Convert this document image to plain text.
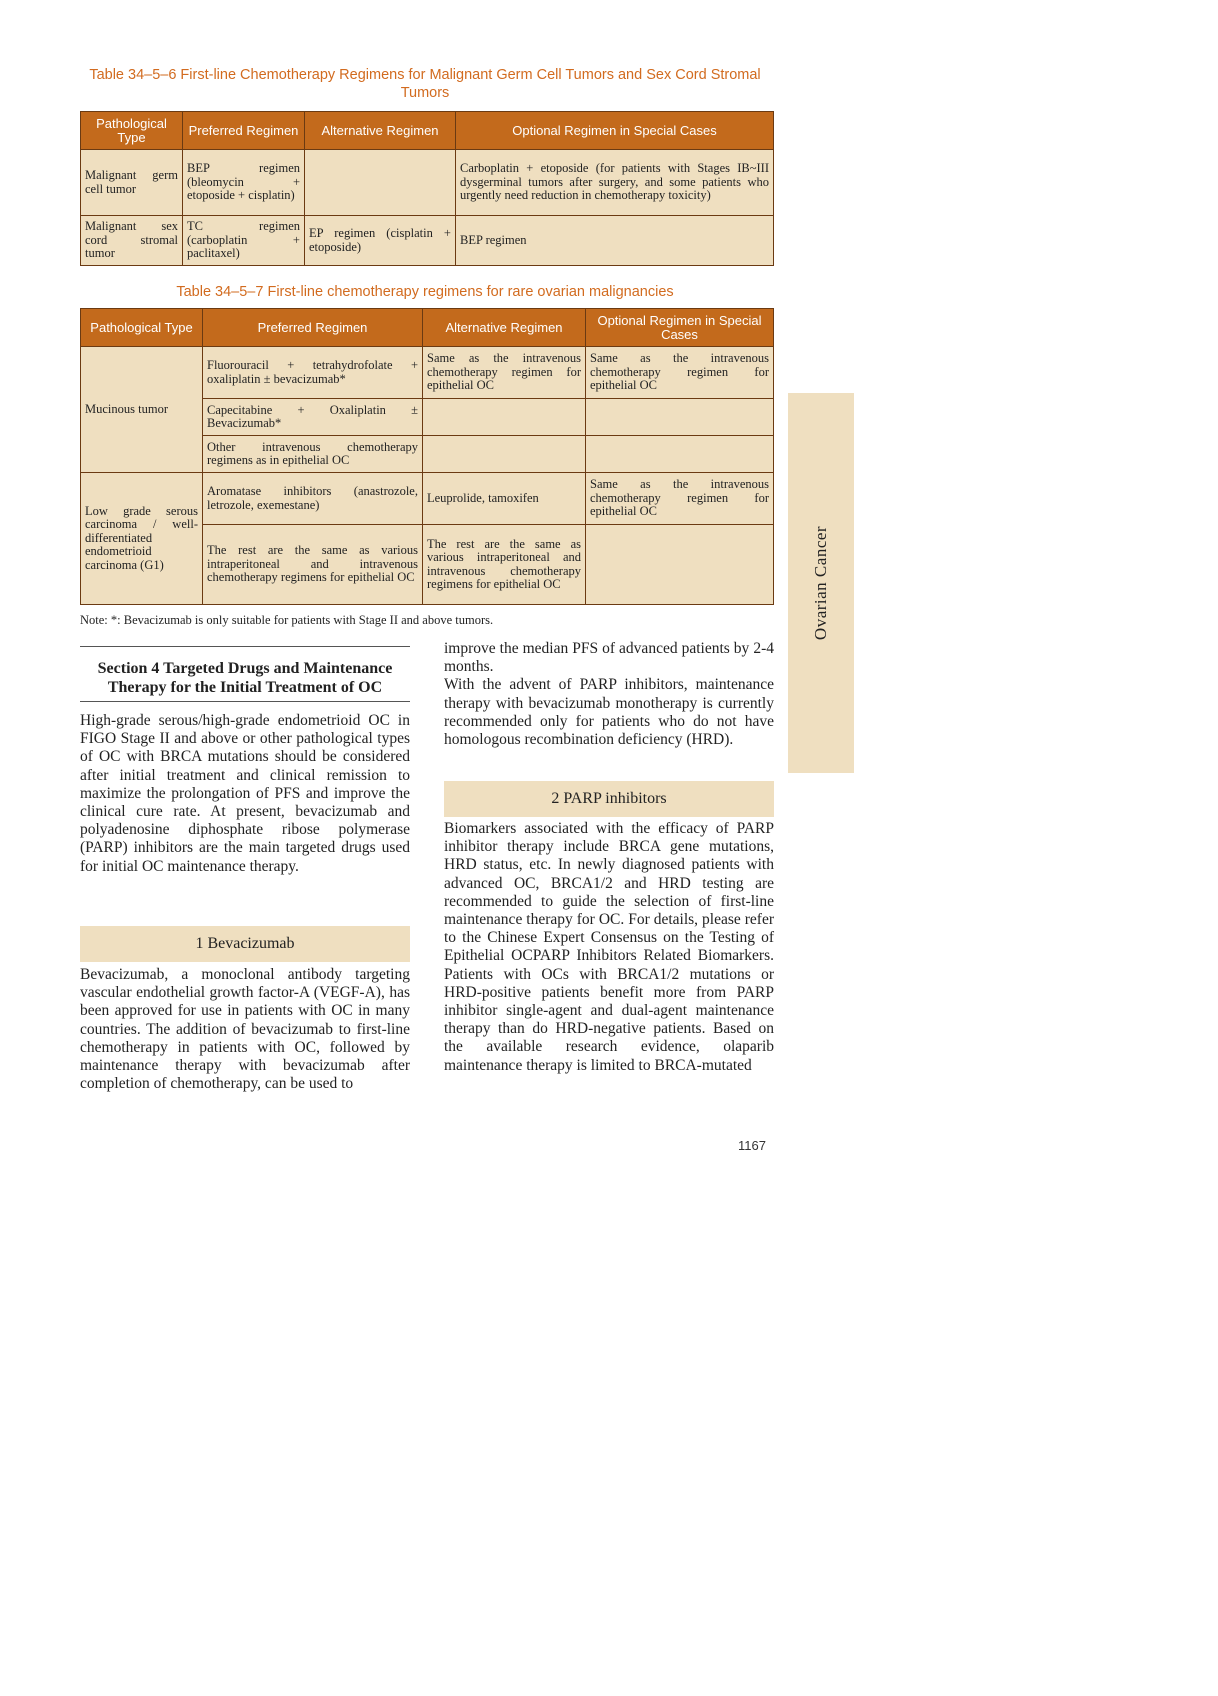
Table 34–5–6 First-line Chemotherapy Regimens for Malignant Germ Cell Tumors and Sex Cord Stromal Tumors
Pathological Type	Preferred Regimen	Alternative Regimen	Optional Regimen in Special Cases
Malignant germ cell tumor	BEP regimen (bleomycin + etoposide + cisplatin)		Carboplatin + etoposide (for patients with Stages IB~III dysgerminal tumors after surgery, and some patients who urgently need reduction in chemotherapy toxicity)
Malignant sex cord stromal tumor	TC regimen (carboplatin + paclitaxel)	EP regimen (cisplatin + etoposide)	BEP regimen
Table 34–5–7 First-line chemotherapy regimens for rare ovarian malignancies
Pathological Type	Preferred Regimen	Alternative Regimen	Optional Regimen in Special Cases
Mucinous tumor	Fluorouracil + tetrahydrofolate + oxaliplatin ± bevacizumab*	Same as the intravenous chemotherapy regimen for epithelial OC	Same as the intravenous chemotherapy regimen for epithelial OC
	Capecitabine + Oxaliplatin ± Bevacizumab*		
	Other intravenous chemotherapy regimens as in epithelial OC		
Low grade serous carcinoma / well-differentiated endometrioid carcinoma (G1)	Aromatase inhibitors (anastrozole, letrozole, exemestane)	Leuprolide, tamoxifen	Same as the intravenous chemotherapy regimen for epithelial OC
	The rest are the same as various intraperitoneal and intravenous chemotherapy regimens for epithelial OC	The rest are the same as various intraperitoneal and intravenous chemotherapy regimens for epithelial OC	
Note: *: Bevacizumab is only suitable for patients with Stage II and above tumors.
Section 4 Targeted Drugs and Maintenance
Therapy for the Initial Treatment of OC

High-grade serous/high-grade endometrioid OC in FIGO Stage II and above or other pathological types of OC with BRCA mutations should be considered after initial treatment and clinical remission to maximize the prolongation of PFS and improve the clinical cure rate. At present, bevacizumab and polyadenosine diphosphate ribose polymerase (PARP) inhibitors are the main targeted drugs used for initial OC maintenance therapy.

1 Bevacizumab

Bevacizumab, a monoclonal antibody targeting vascular endothelial growth factor-A (VEGF-A), has been approved for use in patients with OC in many countries. The addition of bevacizumab to first-line chemotherapy in patients with OC, followed by maintenance therapy with bevacizumab after completion of chemotherapy, can be used to

improve the median PFS of advanced patients by 2-4 months.

With the advent of PARP inhibitors, maintenance therapy with bevacizumab monotherapy is currently recommended only for patients who do not have homologous recombination deficiency (HRD).

2 PARP inhibitors

Biomarkers associated with the efficacy of PARP inhibitor therapy include BRCA gene mutations, HRD status, etc. In newly diagnosed patients with advanced OC, BRCA1/2 and HRD testing are recommended to guide the selection of first-line maintenance therapy for OC. For details, please refer to the Chinese Expert Consensus on the Testing of Epithelial OCPARP Inhibitors Related Biomarkers. Patients with OCs with BRCA1/2 mutations or HRD-positive patients benefit more from PARP inhibitor single-agent and dual-agent maintenance therapy than do HRD-negative patients. Based on the available research evidence, olaparib maintenance therapy is limited to BRCA-mutated

Ovarian Cancer
1167
